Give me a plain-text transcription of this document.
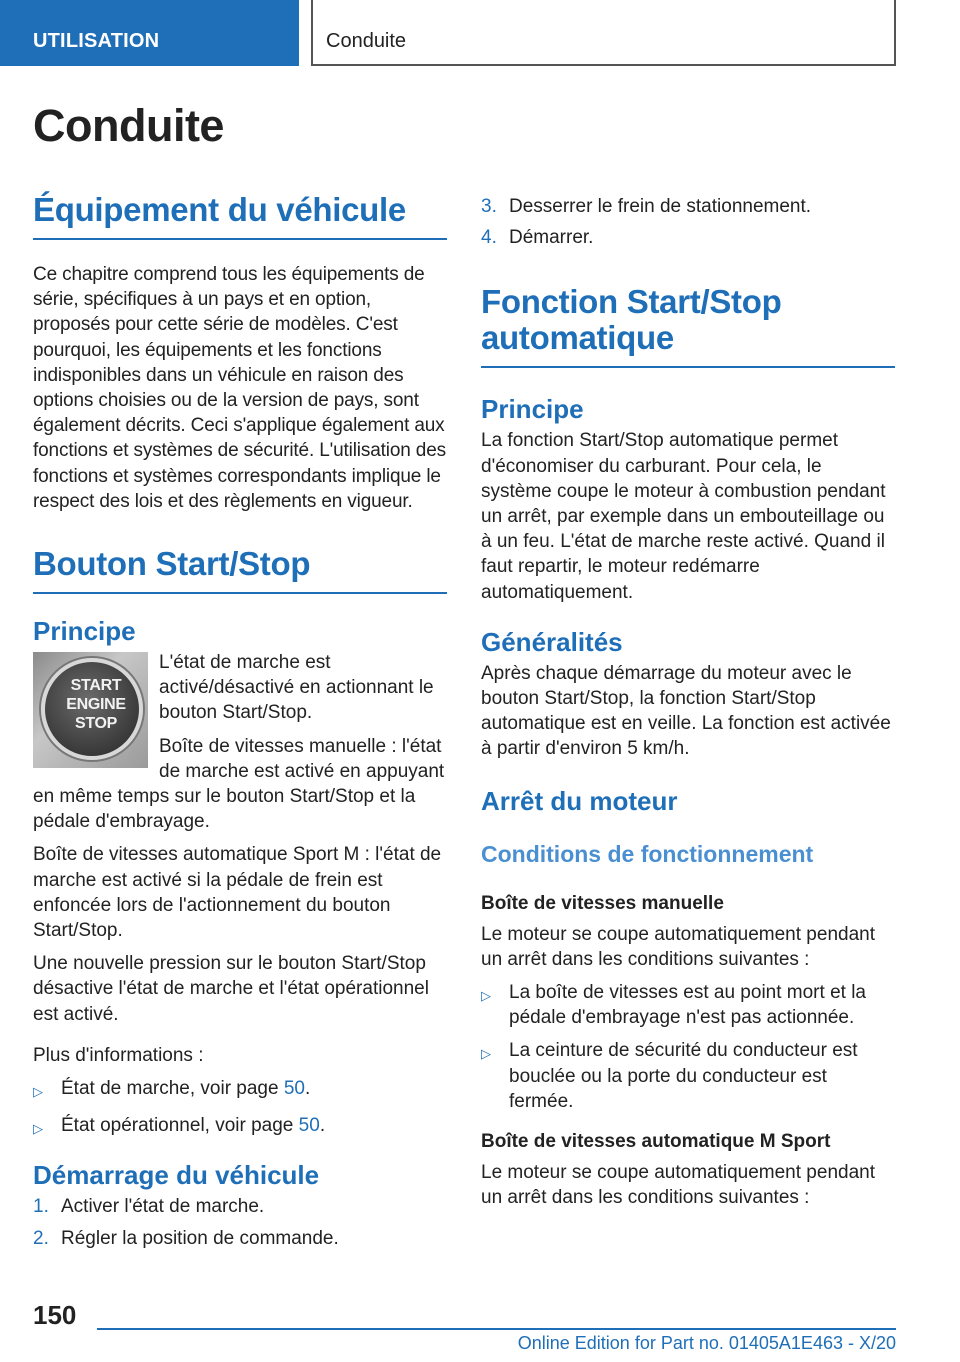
UTILISATION	Conduite
Conduite
Équipement du véhicule

Ce chapitre comprend tous les équipements de série, spécifiques à un pays et en option, proposés pour cette série de modèles. C'est pourquoi, les équipements et les fonctions indisponibles dans un véhicule en raison des options choisies ou de la version de pays, sont également décrits. Ceci s'applique également aux fonctions et systèmes de sécurité. L'utilisation des fonctions et systèmes correspondants implique le respect des lois et des règlements en vigueur.

Bouton Start/Stop
Principe
START
ENGINE
STOP

L'état de marche est activé/désactivé en actionnant le bouton Start/Stop.

Boîte de vitesses manuelle : l'état de marche est activé en appuyant en même temps sur le bouton Start/Stop et la pédale d'embrayage.

Boîte de vitesses automatique Sport M : l'état de marche est activé si la pédale de frein est enfoncée lors de l'actionnement du bouton Start/Stop.

Une nouvelle pression sur le bouton Start/Stop désactive l'état de marche et l'état opérationnel est activé.

Plus d'informations :

▷ État de marche, voir page 50.
▷ État opérationnel, voir page 50.
Démarrage du véhicule
1. Activer l'état de marche.
2. Régler la position de commande.
3. Desserrer le frein de stationnement.
4. Démarrer.
Fonction Start/Stop automatique
Principe

La fonction Start/Stop automatique permet d'économiser du carburant. Pour cela, le système coupe le moteur à combustion pendant un arrêt, par exemple dans un embouteillage ou à un feu. L'état de marche reste activé. Quand il faut repartir, le moteur redémarre automatiquement.

Généralités

Après chaque démarrage du moteur avec le bouton Start/Stop, la fonction Start/Stop automatique est en veille. La fonction est activée à partir d'environ 5 km/h.

Arrêt du moteur
Conditions de fonctionnement
Boîte de vitesses manuelle

Le moteur se coupe automatiquement pendant un arrêt dans les conditions suivantes :

▷ La boîte de vitesses est au point mort et la pédale d'embrayage n'est pas actionnée.
▷ La ceinture de sécurité du conducteur est bouclée ou la porte du conducteur est fermée.
Boîte de vitesses automatique M Sport

Le moteur se coupe automatiquement pendant un arrêt dans les conditions suivantes :

150
Online Edition for Part no. 01405A1E463 - X/20
